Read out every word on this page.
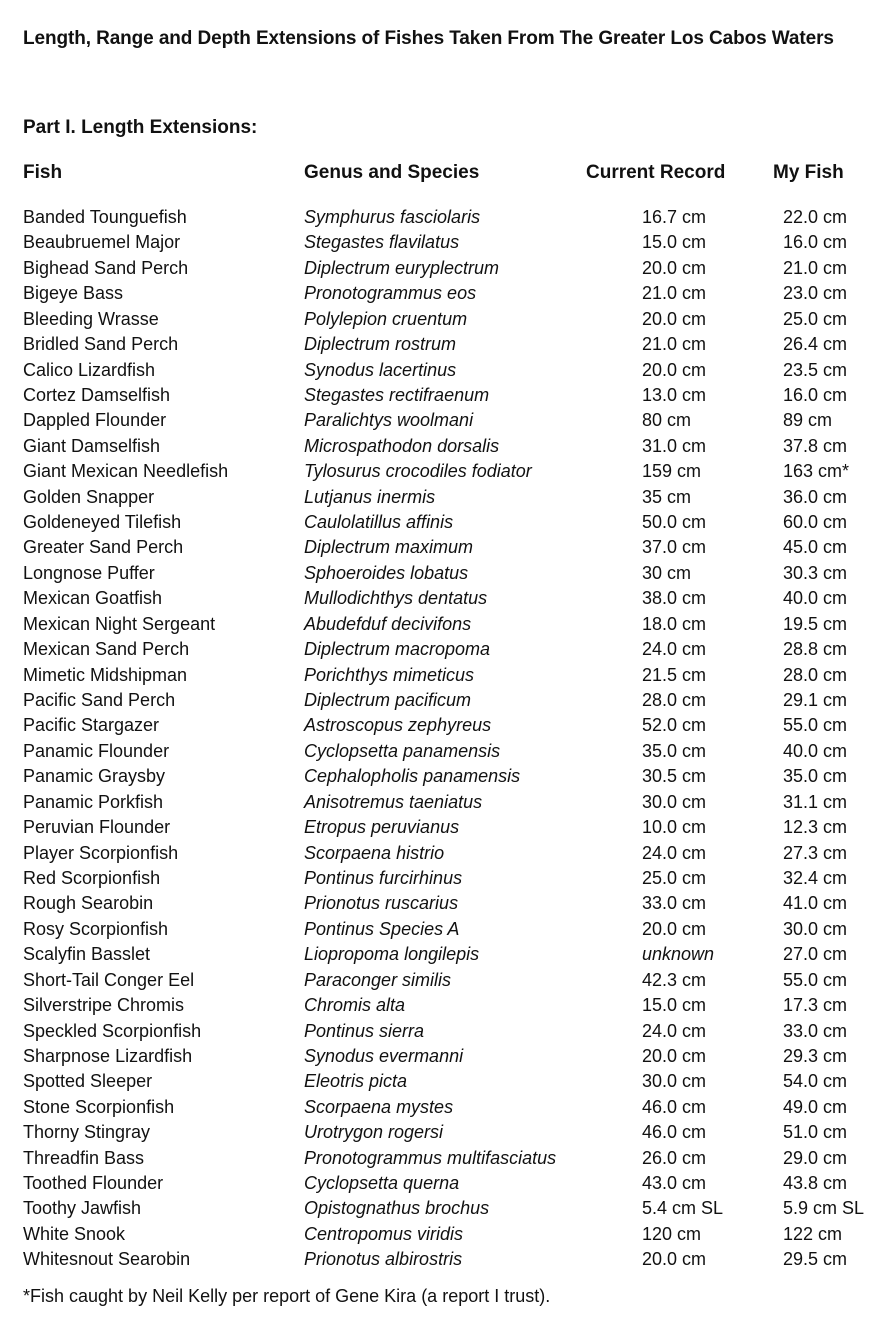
Length, Range and Depth Extensions of Fishes Taken From The Greater Los Cabos Waters
Part I. Length Extensions:
Fish	Genus and Species	Current Record	My Fish
Banded Tounguefish	Symphurus fasciolaris	16.7 cm	22.0 cm
Beaubruemel Major	Stegastes flavilatus	15.0 cm	16.0 cm
Bighead Sand Perch	Diplectrum euryplectrum	20.0 cm	21.0 cm
Bigeye Bass	Pronotogrammus eos	21.0 cm	23.0 cm
Bleeding Wrasse	Polylepion cruentum	20.0 cm	25.0 cm
Bridled Sand Perch	Diplectrum rostrum	21.0 cm	26.4 cm
Calico Lizardfish	Synodus lacertinus	20.0 cm	23.5 cm
Cortez Damselfish	Stegastes rectifraenum	13.0 cm	16.0 cm
Dappled Flounder	Paralichtys woolmani	80 cm	89 cm
Giant Damselfish	Microspathodon dorsalis	31.0 cm	37.8 cm
Giant Mexican Needlefish	Tylosurus crocodiles fodiator	159 cm	163 cm*
Golden Snapper	Lutjanus inermis	35 cm	36.0 cm
Goldeneyed Tilefish	Caulolatillus affinis	50.0 cm	60.0 cm
Greater Sand Perch	Diplectrum maximum	37.0 cm	45.0 cm
Longnose Puffer	Sphoeroides lobatus	30 cm	30.3 cm
Mexican Goatfish	Mullodichthys dentatus	38.0 cm	40.0 cm
Mexican Night Sergeant	Abudefduf decivifons	18.0 cm	19.5 cm
Mexican Sand Perch	Diplectrum macropoma	24.0 cm	28.8 cm
Mimetic Midshipman	Porichthys mimeticus	21.5 cm	28.0 cm
Pacific Sand Perch	Diplectrum pacificum	28.0 cm	29.1 cm
Pacific Stargazer	Astroscopus zephyreus	52.0 cm	55.0 cm
Panamic Flounder	Cyclopsetta panamensis	35.0 cm	40.0 cm
Panamic Graysby	Cephalopholis panamensis	30.5 cm	35.0 cm
Panamic Porkfish	Anisotremus taeniatus	30.0 cm	31.1 cm
Peruvian Flounder	Etropus peruvianus	10.0 cm	12.3 cm
Player Scorpionfish	Scorpaena histrio	24.0 cm	27.3 cm
Red Scorpionfish	Pontinus furcirhinus	25.0 cm	32.4 cm
Rough Searobin	Prionotus ruscarius	33.0 cm	41.0 cm
Rosy Scorpionfish	Pontinus Species A	20.0 cm	30.0 cm
Scalyfin Basslet	Liopropoma longilepis	unknown	27.0 cm
Short-Tail Conger Eel	Paraconger similis	42.3 cm	55.0 cm
Silverstripe Chromis	Chromis alta	15.0 cm	17.3 cm
Speckled Scorpionfish	Pontinus sierra	24.0 cm	33.0 cm
Sharpnose Lizardfish	Synodus evermanni	20.0 cm	29.3 cm
Spotted Sleeper	Eleotris picta	30.0 cm	54.0 cm
Stone Scorpionfish	Scorpaena mystes	46.0 cm	49.0 cm
Thorny Stingray	Urotrygon rogersi	46.0 cm	51.0 cm
Threadfin Bass	Pronotogrammus multifasciatus	26.0 cm	29.0 cm
Toothed Flounder	Cyclopsetta querna	43.0 cm	43.8 cm
Toothy Jawfish	Opistognathus brochus	5.4 cm SL	5.9 cm SL
White Snook	Centropomus viridis	120 cm	122 cm
Whitesnout Searobin	Prionotus albirostris	20.0 cm	29.5 cm
*Fish caught by Neil Kelly per report of Gene Kira (a report I trust).
